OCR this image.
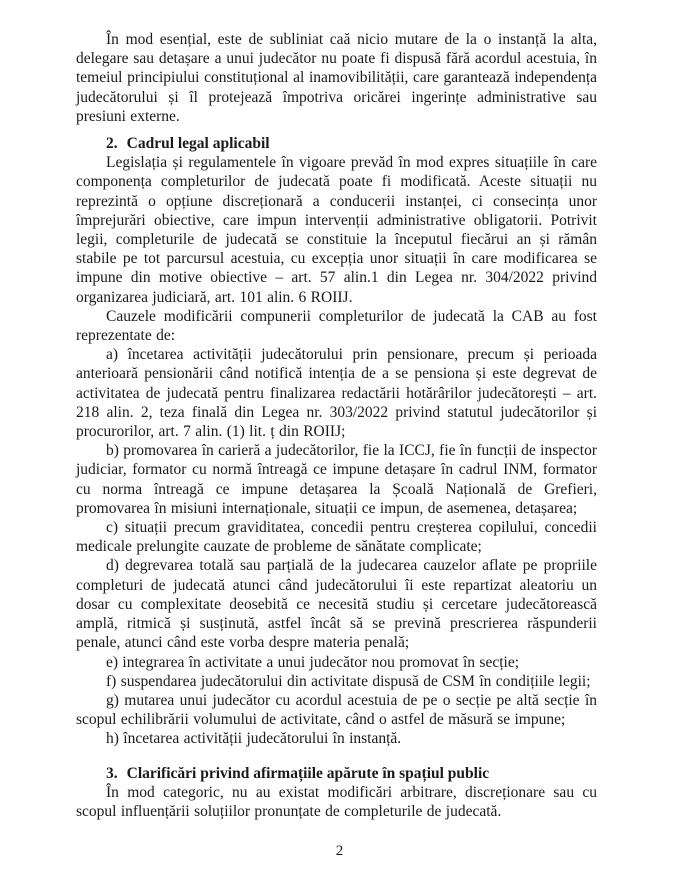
În mod esențial, este de subliniat caă nicio mutare de la o instanță la alta, delegare sau detașare a unui judecător nu poate fi dispusă fără acordul acestuia, în temeiul principiului constituțional al inamovibilității, care garantează independența judecătorului și îl protejează împotriva oricărei ingerințe administrative sau presiuni externe.

2. Cadrul legal aplicabil

Legislația și regulamentele în vigoare prevăd în mod expres situațiile în care componența completurilor de judecată poate fi modificată. Aceste situații nu reprezintă o opțiune discreționară a conducerii instanței, ci consecința unor împrejurări obiective, care impun intervenții administrative obligatorii. Potrivit legii, completurile de judecată se constituie la începutul fiecărui an și rămân stabile pe tot parcursul acestuia, cu excepția unor situații în care modificarea se impune din motive obiective – art. 57 alin.1 din Legea nr. 304/2022 privind organizarea judiciară, art. 101 alin. 6 ROIIJ.

Cauzele modificării compunerii completurilor de judecată la CAB au fost reprezentate de:

a) încetarea activității judecătorului prin pensionare, precum și perioada anterioară pensionării când notifică intenția de a se pensiona și este degrevat de activitatea de judecată pentru finalizarea redactării hotărârilor judecătorești – art. 218 alin. 2, teza finală din Legea nr. 303/2022 privind statutul judecătorilor și procurorilor, art. 7 alin. (1) lit. ț din ROIIJ;

b) promovarea în carieră a judecătorilor, fie la ICCJ, fie în funcții de inspector judiciar, formator cu normă întreagă ce impune detașare în cadrul INM, formator cu norma întreagă ce impune detașarea la Școală Națională de Grefieri, promovarea în misiuni internaționale, situații ce impun, de asemenea, detașarea;

c) situații precum graviditatea, concedii pentru creșterea copilului, concedii medicale prelungite cauzate de probleme de sănătate complicate;

d) degrevarea totală sau parțială de la judecarea cauzelor aflate pe propriile completuri de judecată atunci când judecătorului îi este repartizat aleatoriu un dosar cu complexitate deosebită ce necesită studiu și cercetare judecătorească amplă, ritmică și susținută, astfel încât să se prevină prescrierea răspunderii penale, atunci când este vorba despre materia penală;

e) integrarea în activitate a unui judecător nou promovat în secție;

f) suspendarea judecătorului din activitate dispusă de CSM în condițiile legii;

g) mutarea unui judecător cu acordul acestuia de pe o secție pe altă secție în scopul echilibrării volumului de activitate, când o astfel de măsură se impune;

h) încetarea activității judecătorului în instanță.

3. Clarificări privind afirmațiile apărute în spațiul public

În mod categoric, nu au existat modificări arbitrare, discreționare sau cu scopul influențării soluțiilor pronunțate de completurile de judecată.

2
